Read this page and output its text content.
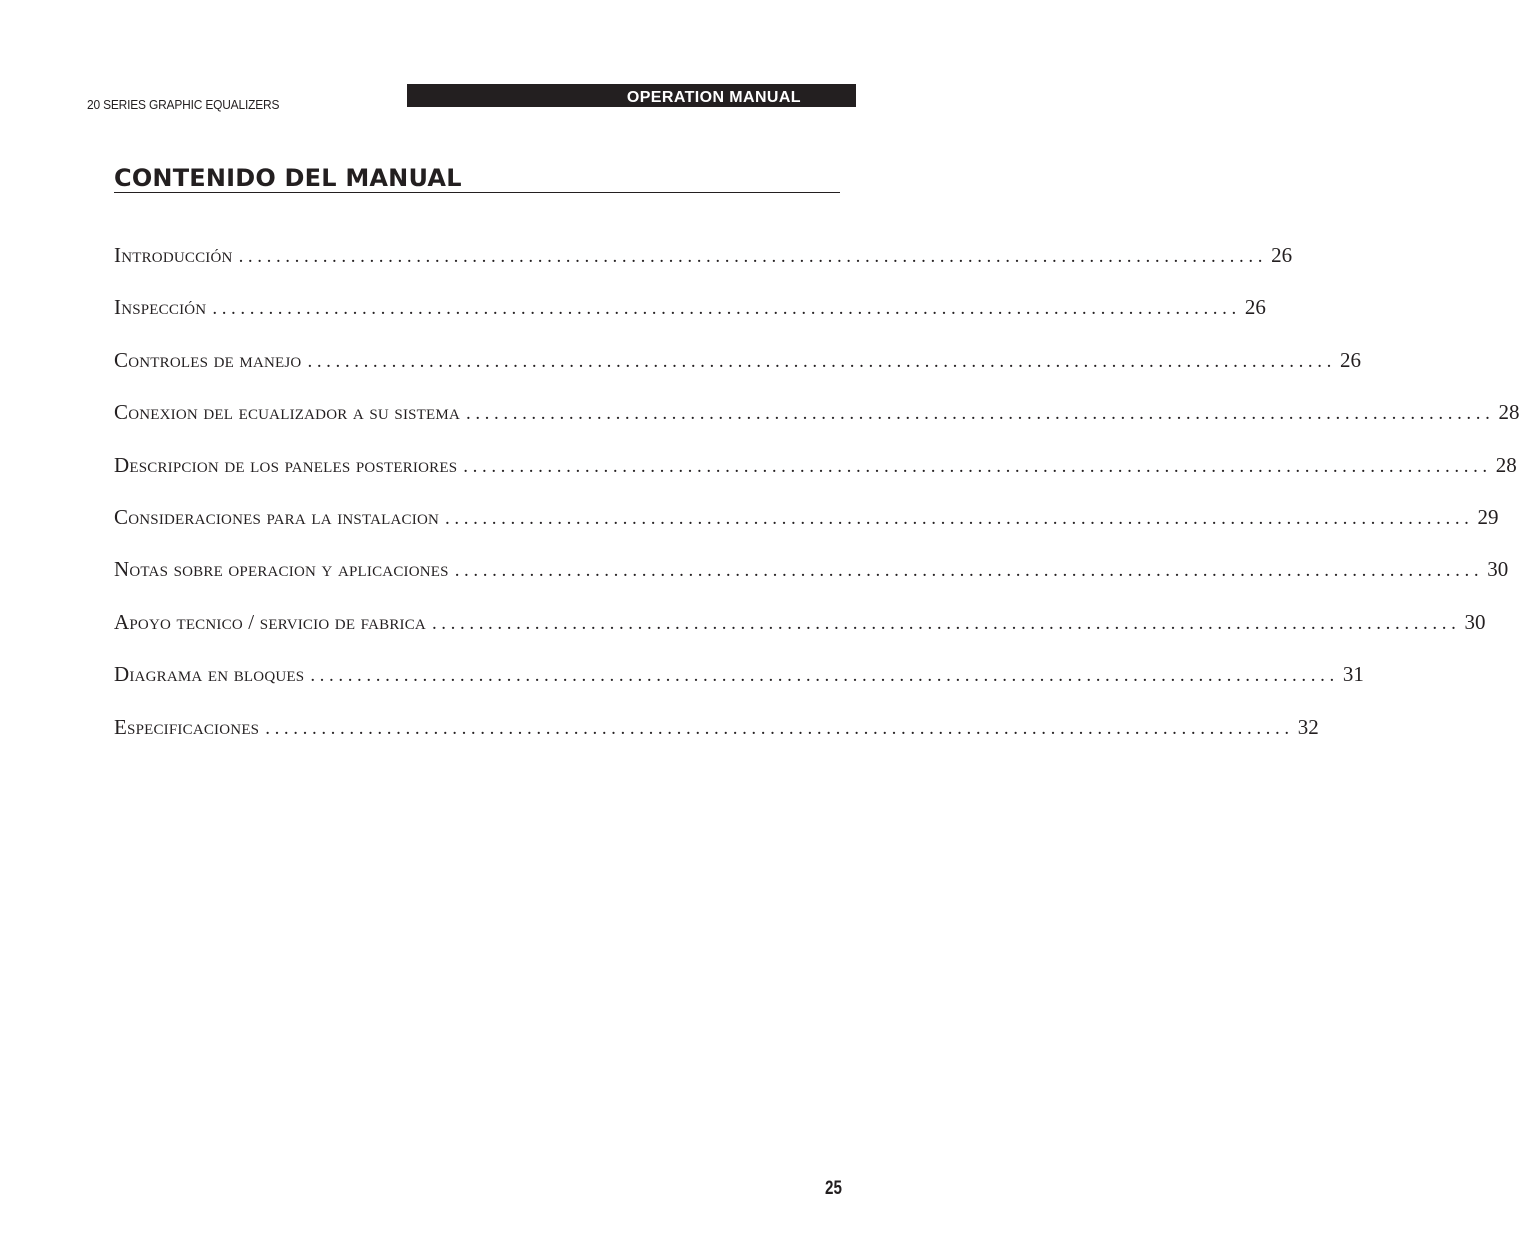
20 SERIES GRAPHIC EQUALIZERS	OPERATION MANUAL
CONTENIDO DEL MANUAL
Introducción .............................................................................................................. 26
Inspección .............................................................................................................. 26
Controles de manejo .............................................................................................................. 26
Conexion del ecualizador a su sistema .............................................................................................................. 28
Descripcion de los paneles posteriores .............................................................................................................. 28
Consideraciones para la instalacion .............................................................................................................. 29
Notas sobre operacion y aplicaciones .............................................................................................................. 30
Apoyo tecnico / servicio de fabrica .............................................................................................................. 30
Diagrama en bloques .............................................................................................................. 31
Especificaciones .............................................................................................................. 32
25
